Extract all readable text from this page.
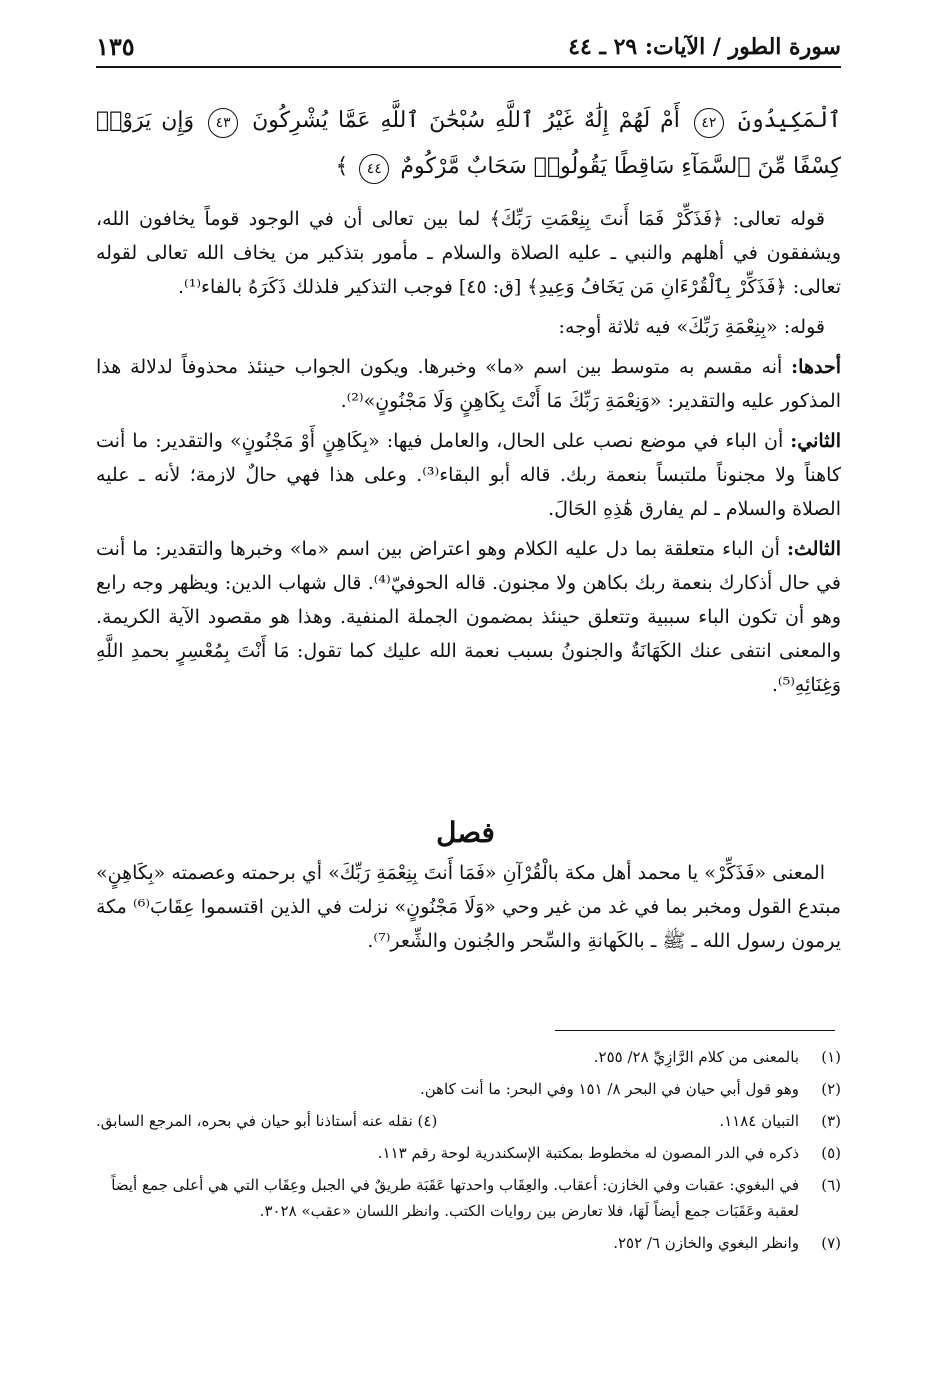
سورة الطور / الآيات: ٢٩ ـ ٤٤
١٣٥
ٱلْمَكِيدُونَ ٤٢ أَمْ لَهُمْ إِلَٰهٌ غَيْرُ ٱللَّهِ سُبْحَٰنَ ٱللَّهِ عَمَّا يُشْرِكُونَ ٤٣ وَإِن يَرَوْا۟ كِسْفًا مِّنَ ٱلسَّمَآءِ سَاقِطًا يَقُولُوا۟ سَحَابٌ مَّرْكُومٌ ٤٤ ﴾

قوله تعالى: ﴿فَذَكِّرْ فَمَا أَنتَ بِنِعْمَتِ رَبِّكَ﴾ لما بين تعالى أن في الوجود قوماً يخافون الله، ويشفقون في أهلهم والنبي ـ عليه الصلاة والسلام ـ مأمور بتذكير من يخاف الله تعالى لقوله تعالى: ﴿فَذَكِّرْ بِٱلْقُرْءَانِ مَن يَخَافُ وَعِيدِ﴾ [ق: ٤٥] فوجب التذكير فلذلك ذَكَرَهُ بالفاء⁽¹⁾.

قوله: «بِنِعْمَةِ رَبِّكَ» فيه ثلاثة أوجه:

أحدها: أنه مقسم به متوسط بين اسم «ما» وخبرها. ويكون الجواب حينئذ محذوفاً لدلالة هذا المذكور عليه والتقدير: «وَنِعْمَةِ رَبِّكَ مَا أَنْتَ بِكَاهِنٍ وَلَا مَجْنُونٍ»⁽²⁾.

الثاني: أن الباء في موضع نصب على الحال، والعامل فيها: «بِكَاهِنٍ أَوْ مَجْنُونٍ» والتقدير: ما أنت كاهناً ولا مجنوناً ملتبساً بنعمة ربك. قاله أبو البقاء⁽³⁾. وعلى هذا فهي حالٌ لازمة؛ لأنه ـ عليه الصلاة والسلام ـ لم يفارق هَٰذِهِ الحَالَ.

الثالث: أن الباء متعلقة بما دل عليه الكلام وهو اعتراض بين اسم «ما» وخبرها والتقدير: ما أنت في حال أذكارك بنعمة ربك بكاهن ولا مجنون. قاله الحوفيّ⁽⁴⁾. قال شهاب الدين: ويظهر وجه رابع وهو أن تكون الباء سببية وتتعلق حينئذ بمضمون الجملة المنفية. وهذا هو مقصود الآية الكريمة. والمعنى انتفى عنك الكَهَانَةُ والجنونُ بسبب نعمة الله عليك كما تقول: مَا أَنْتَ بِمُعْسِرٍ بحمدِ اللَّهِ وَغِنَائِهِ⁽⁵⁾.

فصل

المعنى «فَذَكِّرْ» يا محمد أهل مكة بالْقُرْآنِ «فَمَا أَنتَ بِنِعْمَةِ رَبِّكَ» أي برحمته وعصمته «بِكَاهِنٍ» مبتدع القول ومخبر بما في غد من غير وحي «وَلَا مَجْنُونٍ» نزلت في الذين اقتسموا عِقَابَ⁽⁶⁾ مكة يرمون رسول الله ـ ﷺ ـ بالكَهانةِ والسِّحر والجُنون والشِّعر⁽⁷⁾.

(١)
بالمعنى من كلام الرَّازِيِّ ٢٨/ ٢٥٥.
(٢)
وهو قول أبي حيان في البحر ٨/ ١٥١ وفي البحر: ما أنت كاهن.
(٣)
التبيان ١١٨٤.
(٤) نقله عنه أستاذنا أبو حيان في بحره، المرجع السابق.
(٥)
ذكره في الدر المصون له مخطوط بمكتبة الإسكندرية لوحة رقم ١١٣.
(٦)
في البغوي: عقبات وفي الخازن: أعقاب. والعِقَاب واحدتها عَقَبَة طريقٌ في الجبل وعِقَاب التي هي أعلى جمع أيضاً لعقبة وعَقَبَات جمع أيضاً لَهَا، فلا تعارض بين روايات الكتب. وانظر اللسان «عقب» ٣٠٢٨.
(٧)
وانظر البغوي والخازن ٦/ ٢٥٢.
